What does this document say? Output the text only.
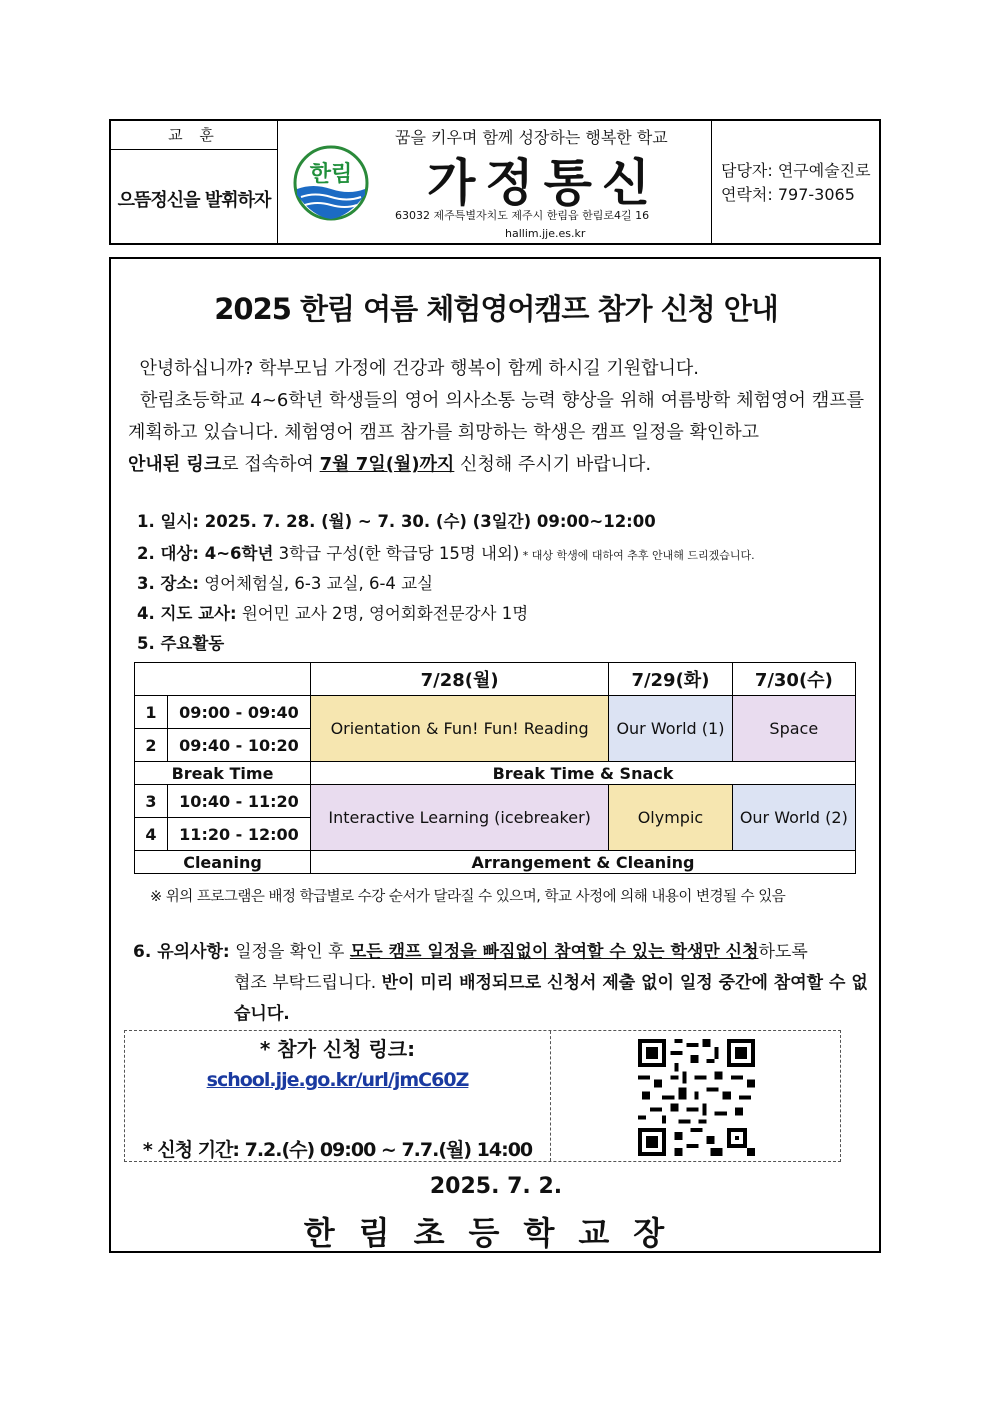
교 훈
으뜸정신을 발휘하자
한림
꿈을 키우며 함께 성장하는 행복한 학교
가정통신
63032 제주특별자치도 제주시 한림읍 한림로4길 16
hallim.jje.es.kr
담당자: 연구예술진로
연락처: 797-3065
2025 한림 여름 체험영어캠프 참가 신청 안내
안녕하십니까? 학부모님 가정에 건강과 행복이 함께 하시길 기원합니다.
한림초등학교 4~6학년 학생들의 영어 의사소통 능력 향상을 위해 여름방학 체험영어 캠프를 계획하고 있습니다. 체험영어 캠프 참가를 희망하는 학생은 캠프 일정을 확인하고
안내된 링크로 접속하여 7월 7일(월)까지 신청해 주시기 바랍니다.
1. 일시: 2025. 7. 28. (월) ~ 7. 30. (수) (3일간) 09:00~12:00
2. 대상: 4~6학년 3학급 구성(한 학급당 15명 내외) * 대상 학생에 대하여 추후 안내해 드리겠습니다.
3. 장소: 영어체험실, 6-3 교실, 6-4 교실
4. 지도 교사: 원어민 교사 2명, 영어회화전문강사 1명
5. 주요활동
		7/28(월)	7/29(화)	7/30(수)
1	09:00 - 09:40	Orientation & Fun! Fun! Reading	Our World (1)	Space
2	09:40 - 10:20			
Break Time		Break Time & Snack		
3	10:40 - 11:20	Interactive Learning (icebreaker)	Olympic	Our World (2)
4	11:20 - 12:00			
Cleaning		Arrangement & Cleaning		
※ 위의 프로그램은 배정 학급별로 수강 순서가 달라질 수 있으며, 학교 사정에 의해 내용이 변경될 수 있음
6. 유의사항: 일정을 확인 후 모든 캠프 일정을 빠짐없이 참여할 수 있는 학생만 신청하도록
협조 부탁드립니다. 반이 미리 배정되므로 신청서 제출 없이 일정 중간에 참여할 수 없습니다.
* 참가 신청 링크:
school.jje.go.kr/url/jmC60Z
* 신청 기간: 7.2.(수) 09:00 ~ 7.7.(월) 14:00
2025. 7. 2.
한림초등학교장
